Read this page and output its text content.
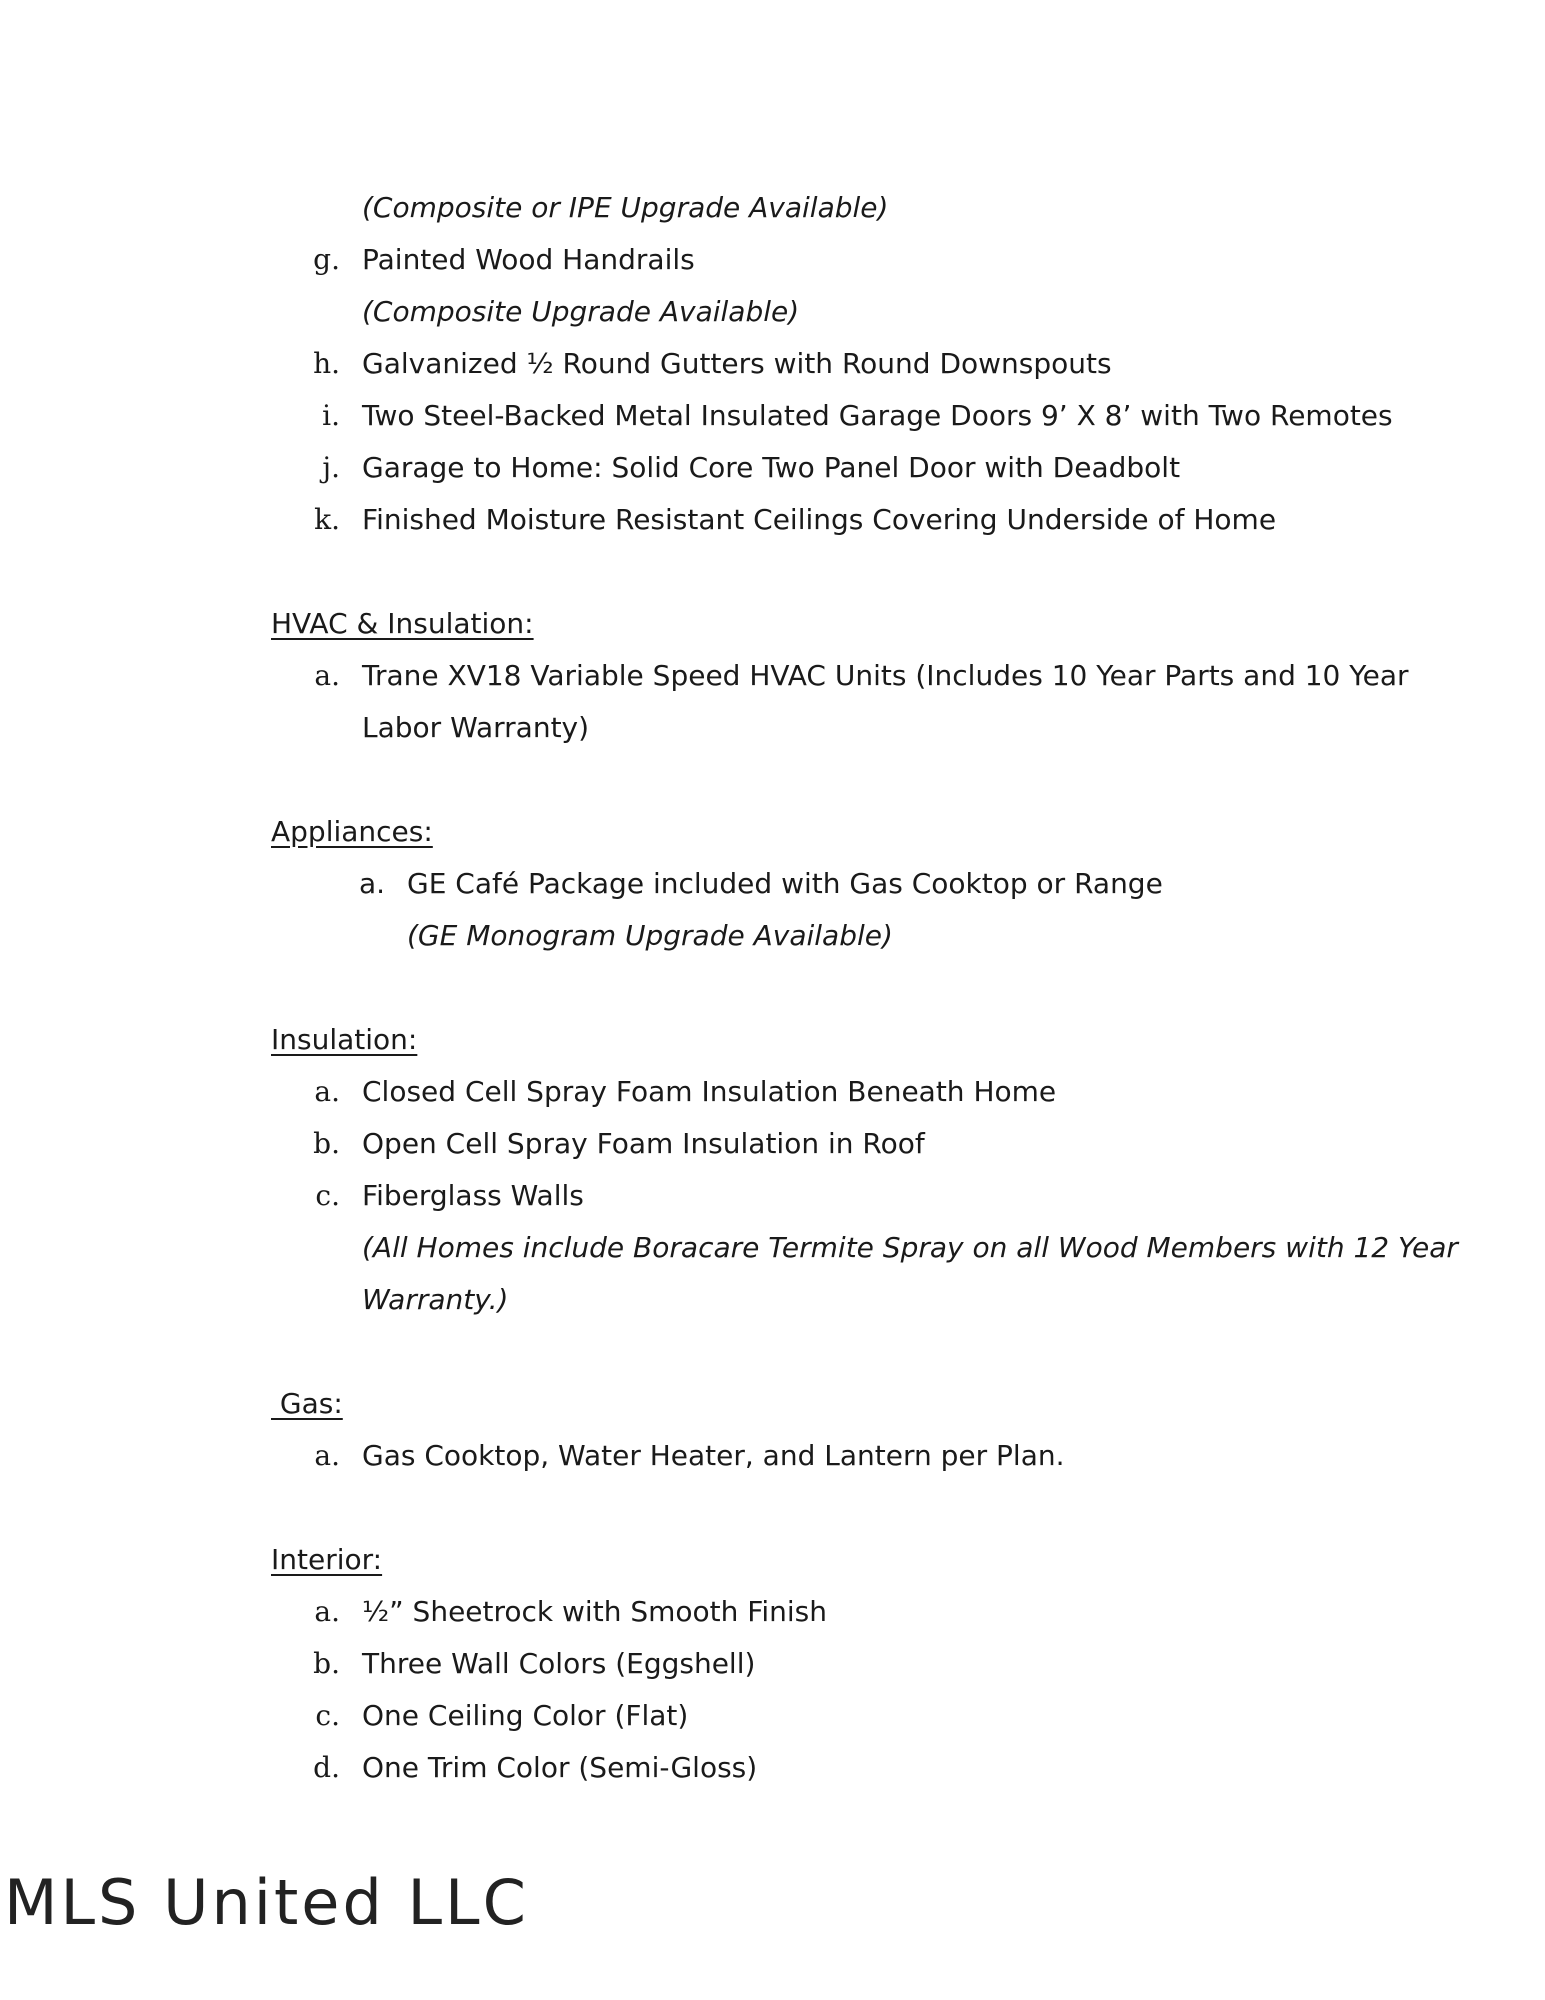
(Composite or IPE Upgrade Available)
g. Painted Wood Handrails
(Composite Upgrade Available)
h. Galvanized ½ Round Gutters with Round Downspouts
i. Two Steel-Backed Metal Insulated Garage Doors 9’ X 8’ with Two Remotes
j. Garage to Home: Solid Core Two Panel Door with Deadbolt
k. Finished Moisture Resistant Ceilings Covering Underside of Home
HVAC & Insulation:
a. Trane XV18 Variable Speed HVAC Units (Includes 10 Year Parts and 10 Year
Labor Warranty)
Appliances:
a. GE Café Package included with Gas Cooktop or Range
(GE Monogram Upgrade Available)
Insulation:
a. Closed Cell Spray Foam Insulation Beneath Home
b. Open Cell Spray Foam Insulation in Roof
c. Fiberglass Walls
(All Homes include Boracare Termite Spray on all Wood Members with 12 Year
Warranty.)
Gas:
a. Gas Cooktop, Water Heater, and Lantern per Plan.
Interior:
a. ½” Sheetrock with Smooth Finish
b. Three Wall Colors (Eggshell)
c. One Ceiling Color (Flat)
d. One Trim Color (Semi-Gloss)
MLS United LLC
